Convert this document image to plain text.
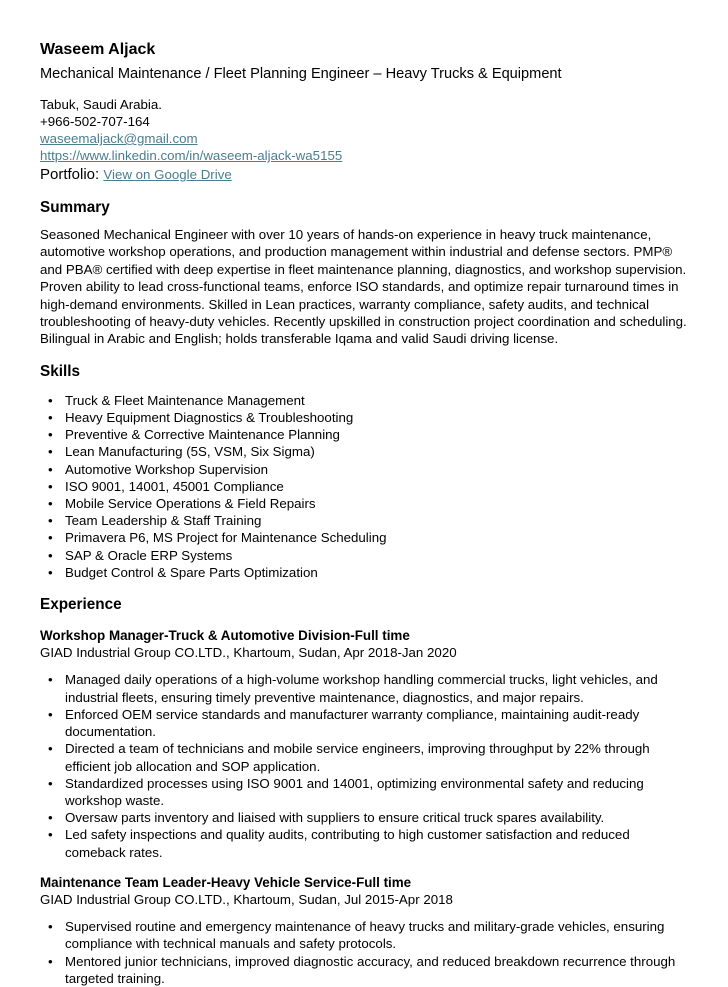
Waseem Aljack
Mechanical Maintenance / Fleet Planning Engineer – Heavy Trucks & Equipment
Tabuk, Saudi Arabia.
+966-502-707-164
waseemaljack@gmail.com
https://www.linkedin.com/in/waseem-aljack-wa5155
Portfolio: View on Google Drive
Summary
Seasoned Mechanical Engineer with over 10 years of hands-on experience in heavy truck maintenance, automotive workshop operations, and production management within industrial and defense sectors. PMP® and PBA® certified with deep expertise in fleet maintenance planning, diagnostics, and workshop supervision. Proven ability to lead cross-functional teams, enforce ISO standards, and optimize repair turnaround times in high-demand environments. Skilled in Lean practices, warranty compliance, safety audits, and technical troubleshooting of heavy-duty vehicles. Recently upskilled in construction project coordination and scheduling. Bilingual in Arabic and English; holds transferable Iqama and valid Saudi driving license.
Skills
• Truck & Fleet Maintenance Management
• Heavy Equipment Diagnostics & Troubleshooting
• Preventive & Corrective Maintenance Planning
• Lean Manufacturing (5S, VSM, Six Sigma)
• Automotive Workshop Supervision
• ISO 9001, 14001, 45001 Compliance
• Mobile Service Operations & Field Repairs
• Team Leadership & Staff Training
• Primavera P6, MS Project for Maintenance Scheduling
• SAP & Oracle ERP Systems
• Budget Control & Spare Parts Optimization
Experience
Workshop Manager-Truck & Automotive Division-Full time
GIAD Industrial Group CO.LTD., Khartoum, Sudan, Apr 2018-Jan 2020
• Managed daily operations of a high-volume workshop handling commercial trucks, light vehicles, and industrial fleets, ensuring timely preventive maintenance, diagnostics, and major repairs.
• Enforced OEM service standards and manufacturer warranty compliance, maintaining audit-ready documentation.
• Directed a team of technicians and mobile service engineers, improving throughput by 22% through efficient job allocation and SOP application.
• Standardized processes using ISO 9001 and 14001, optimizing environmental safety and reducing workshop waste.
• Oversaw parts inventory and liaised with suppliers to ensure critical truck spares availability.
• Led safety inspections and quality audits, contributing to high customer satisfaction and reduced comeback rates.
Maintenance Team Leader-Heavy Vehicle Service-Full time
GIAD Industrial Group CO.LTD., Khartoum, Sudan, Jul 2015-Apr 2018
• Supervised routine and emergency maintenance of heavy trucks and military-grade vehicles, ensuring compliance with technical manuals and safety protocols.
• Mentored junior technicians, improved diagnostic accuracy, and reduced breakdown recurrence through targeted training.
